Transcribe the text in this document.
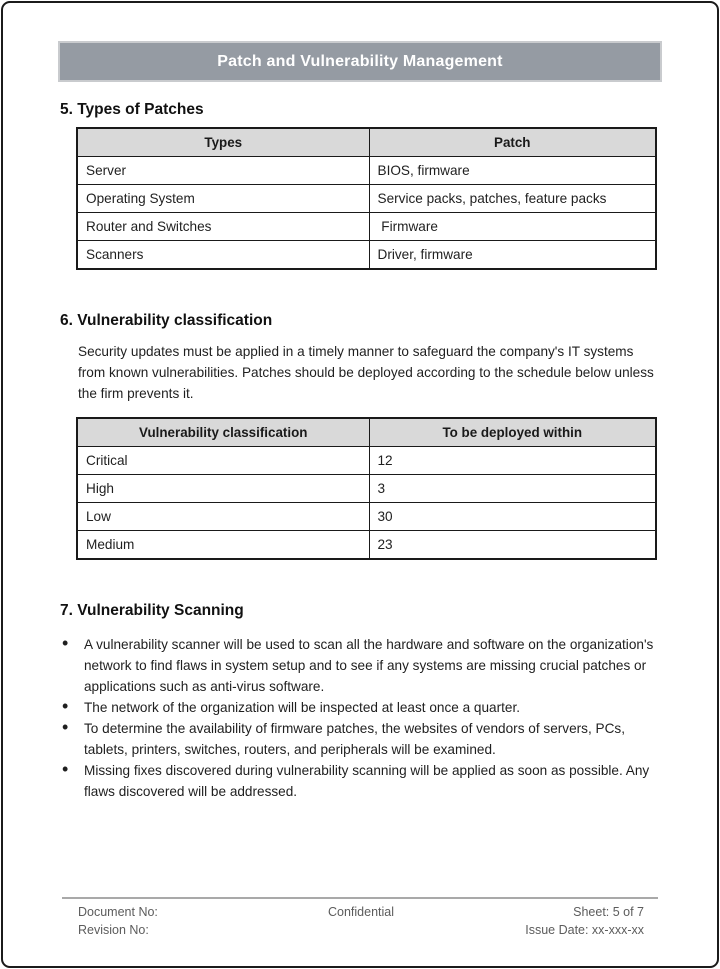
Patch and Vulnerability Management
5. Types of Patches
Types	Patch
Server	BIOS, firmware
Operating System	Service packs, patches, feature packs
Router and Switches	Firmware
Scanners	Driver, firmware
6. Vulnerability classification
Security updates must be applied in a timely manner to safeguard the company's IT systems from known vulnerabilities. Patches should be deployed according to the schedule below unless the firm prevents it.
Vulnerability classification	To be deployed within
Critical	12
High	3
Low	30
Medium	23
7. Vulnerability Scanning
• A vulnerability scanner will be used to scan all the hardware and software on the organization's network to find flaws in system setup and to see if any systems are missing crucial patches or applications such as anti-virus software.
• The network of the organization will be inspected at least once a quarter.
• To determine the availability of firmware patches, the websites of vendors of servers, PCs, tablets, printers, switches, routers, and peripherals will be examined.
• Missing fixes discovered during vulnerability scanning will be applied as soon as possible. Any flaws discovered will be addressed.
Document No:
Revision No:
Confidential	Sheet: 5 of 7
Issue Date: xx-xxx-xx
